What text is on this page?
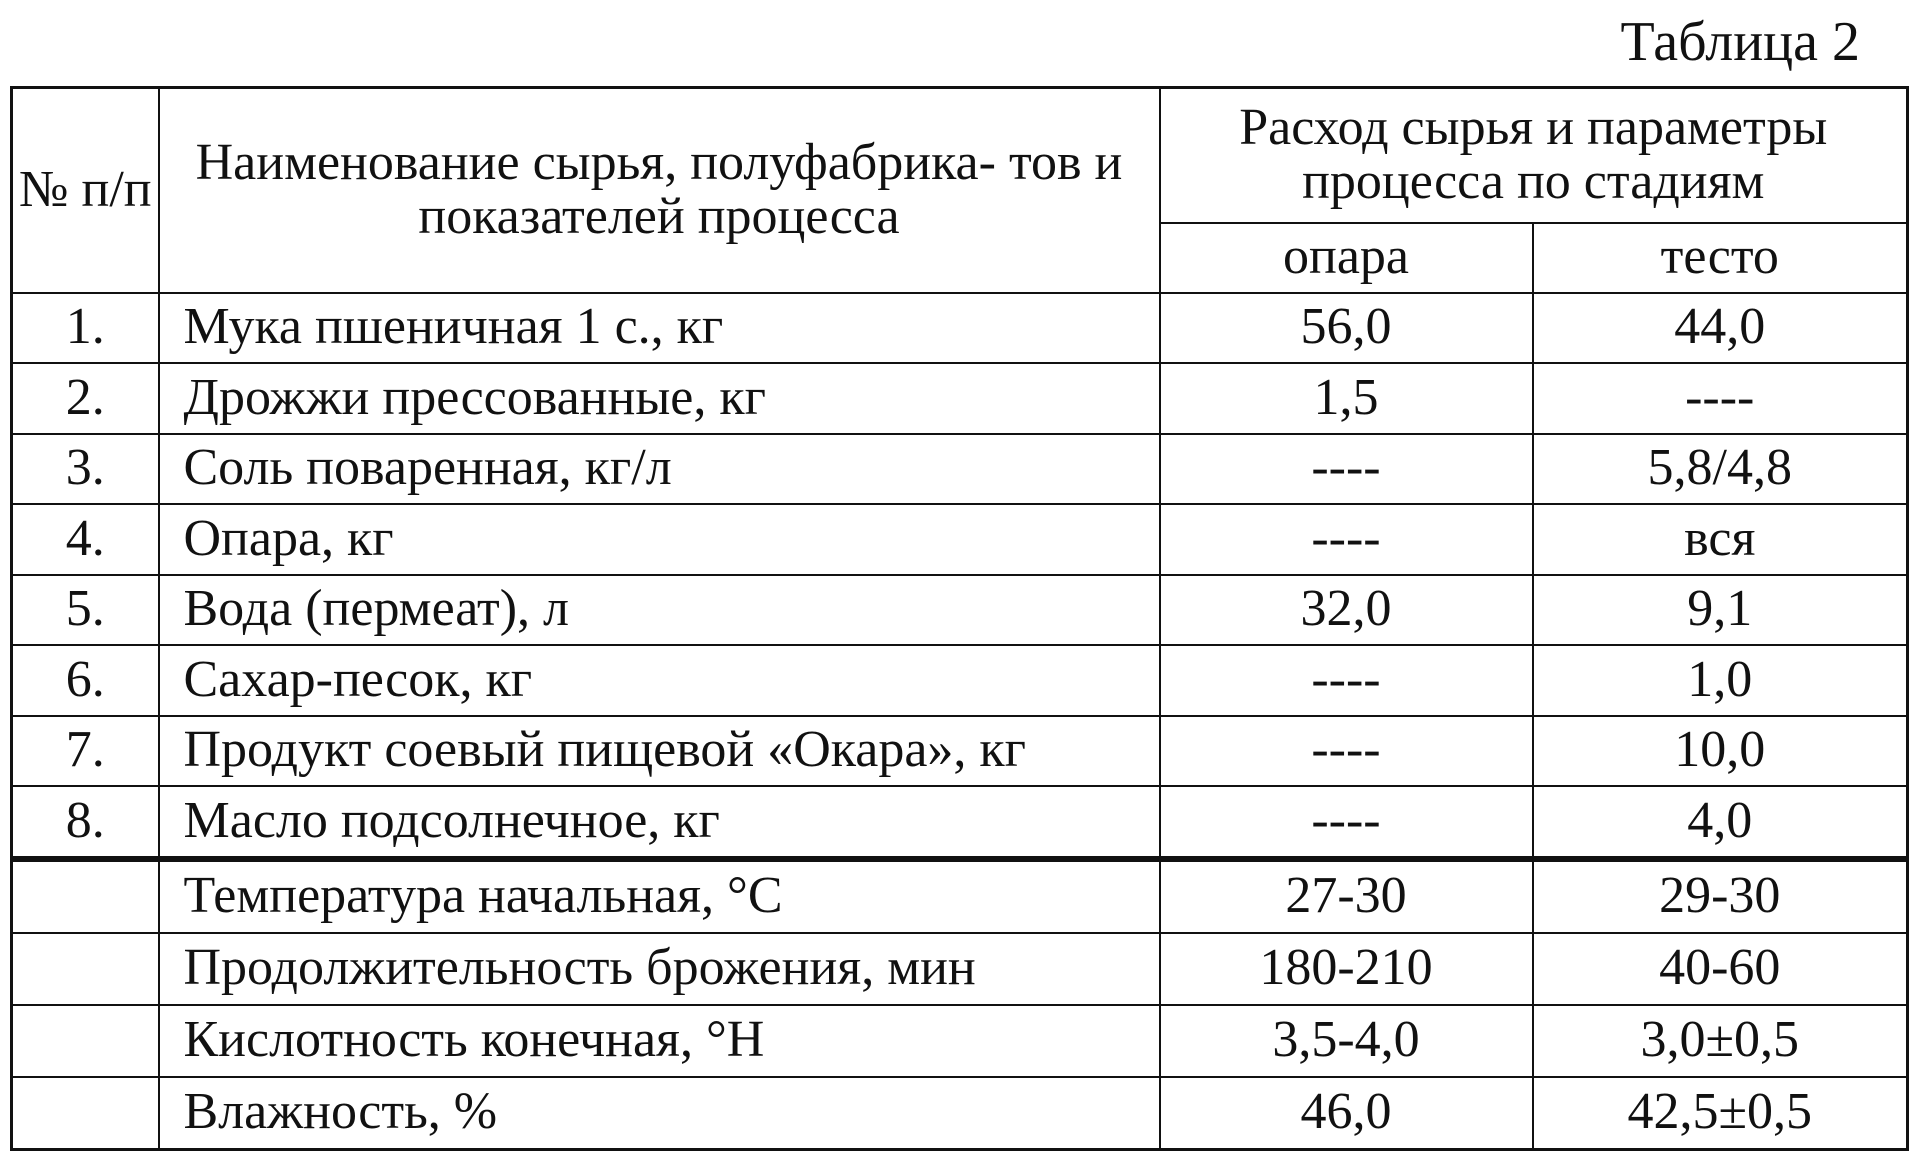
Таблица 2
№ п/п	Наименование сырья, полуфабрика- тов и показателей процесса	Расход сырья и параметры процесса по стадиям	
		опара	тесто
1.	Мука пшеничная 1 с., кг	56,0	44,0
2.	Дрожжи прессованные, кг	1,5	----
3.	Соль поваренная, кг/л	----	5,8/4,8
4.	Опара, кг	----	вся
5.	Вода (пермеат), л	32,0	9,1
6.	Сахар-песок, кг	----	1,0
7.	Продукт соевый пищевой «Окара», кг	----	10,0
8.	Масло подсолнечное, кг	----	4,0
	Температура начальная, °С	27-30	29-30
	Продолжительность брожения, мин	180-210	40-60
	Кислотность конечная, °Н	3,5-4,0	3,0±0,5
	Влажность, %	46,0	42,5±0,5
